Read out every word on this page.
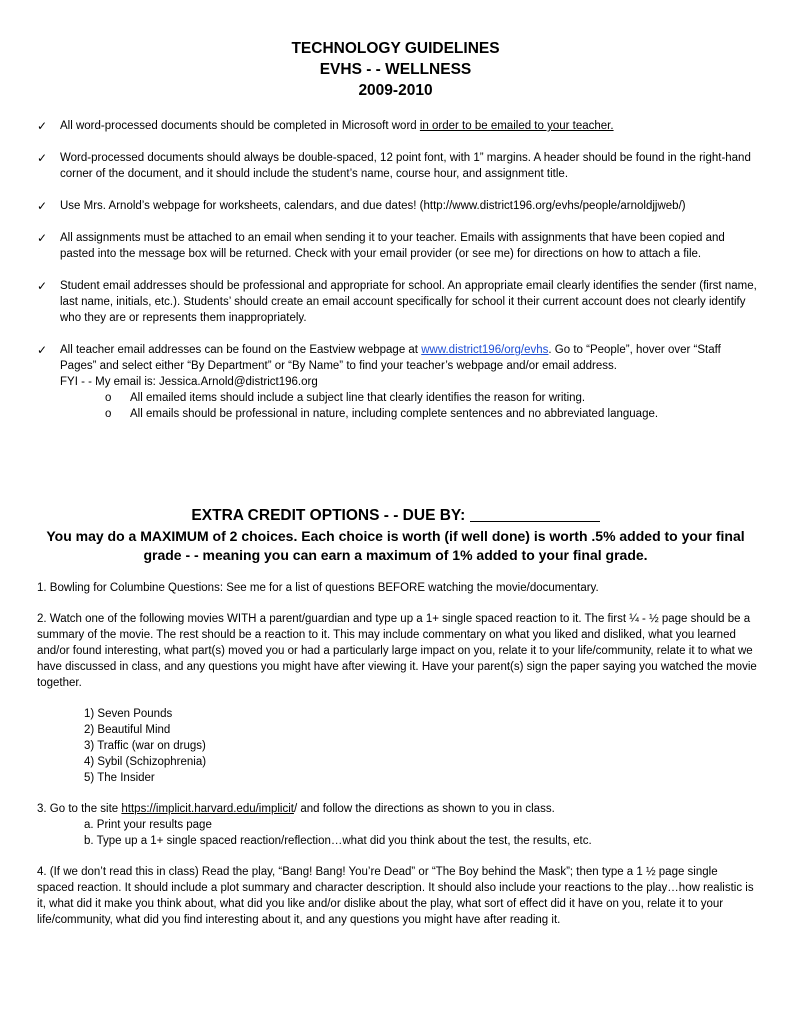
TECHNOLOGY GUIDELINES
EVHS - - WELLNESS
2009-2010
✓ All word-processed documents should be completed in Microsoft word in order to be emailed to your teacher.

✓ Word-processed documents should always be double-spaced, 12 point font, with 1” margins. A header should be found in the right-hand corner of the document, and it should include the student’s name, course hour, and assignment title.

✓ Use Mrs. Arnold’s webpage for worksheets, calendars, and due dates! (http://www.district196.org/evhs/people/arnoldjjweb/)

✓ All assignments must be attached to an email when sending it to your teacher. Emails with assignments that have been copied and pasted into the message box will be returned. Check with your email provider (or see me) for directions on how to attach a file.

✓ Student email addresses should be professional and appropriate for school. An appropriate email clearly identifies the sender (first name, last name, initials, etc.). Students’ should create an email account specifically for school it their current account does not clearly identify who they are or represents them inappropriately.

✓ All teacher email addresses can be found on the Eastview webpage at www.district196/org/evhs. Go to “People”, hover over “Staff Pages” and select either “By Department” or “By Name” to find your teacher’s webpage and/or email address.

FYI - - My email is: Jessica.Arnold@district196.org

o All emailed items should include a subject line that clearly identifies the reason for writing.
o All emails should be professional in nature, including complete sentences and no abbreviated language.
EXTRA CREDIT OPTIONS - - DUE BY:
You may do a MAXIMUM of 2 choices. Each choice is worth (if well done) is worth .5% added to your final grade - - meaning you can earn a maximum of 1% added to your final grade.

1. Bowling for Columbine Questions: See me for a list of questions BEFORE watching the movie/documentary.

2. Watch one of the following movies WITH a parent/guardian and type up a 1+ single spaced reaction to it. The first ¼ - ½ page should be a summary of the movie. The rest should be a reaction to it. This may include commentary on what you liked and disliked, what you learned and/or found interesting, what part(s) moved you or had a particularly large impact on you, relate it to your life/community, relate it to what we have discussed in class, and any questions you might have after viewing it. Have your parent(s) sign the paper saying you watched the movie together.

1) Seven Pounds
2) Beautiful Mind
3) Traffic (war on drugs)
4) Sybil (Schizophrenia)
5) The Insider
3. Go to the site https://implicit.harvard.edu/implicit/ and follow the directions as shown to you in class.
a. Print your results page
b. Type up a 1+ single spaced reaction/reflection…what did you think about the test, the results, etc.

4. (If we don’t read this in class) Read the play, “Bang! Bang! You’re Dead” or “The Boy behind the Mask”; then type a 1 ½ page single spaced reaction. It should include a plot summary and character description. It should also include your reactions to the play…how realistic is it, what did it make you think about, what did you like and/or dislike about the play, what sort of effect did it have on you, relate it to your life/community, what did you find interesting about it, and any questions you might have after reading it.
